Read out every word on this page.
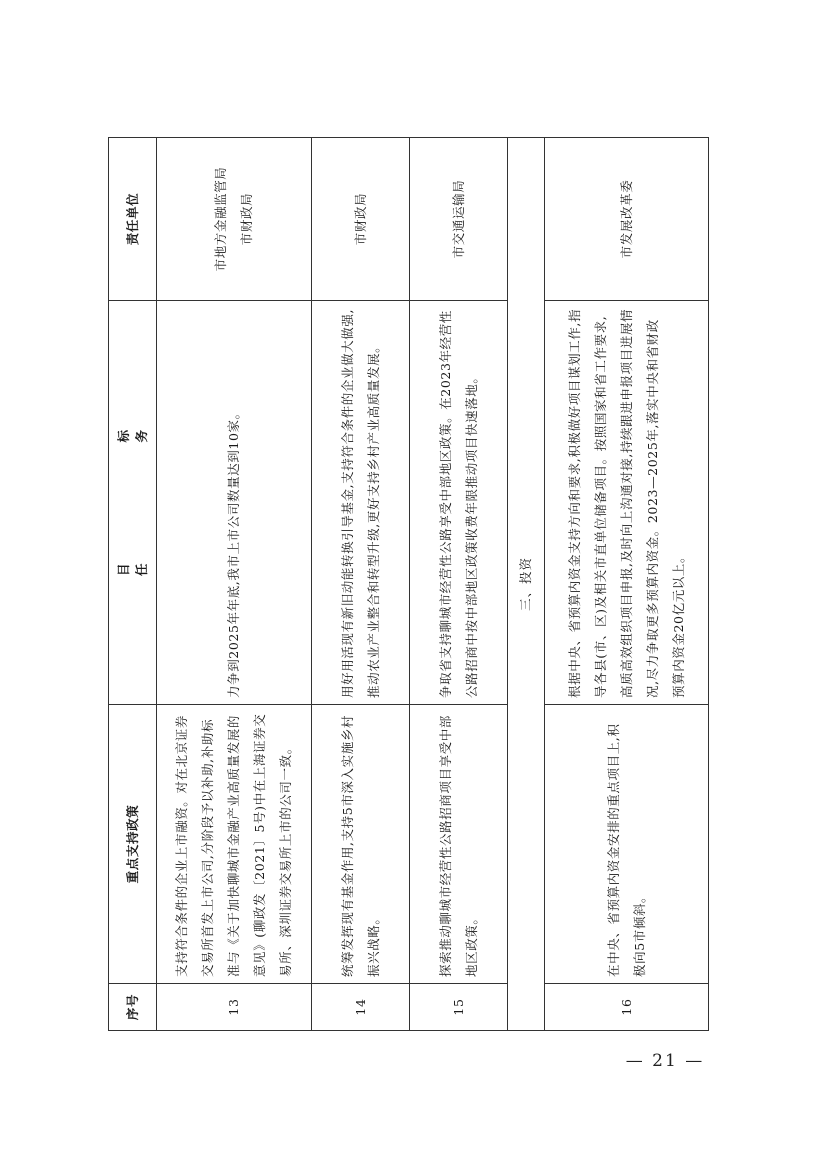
序号	重点支持政策	目标任务	责任单位
13	支持符合条件的企业上市融资。对在北京证券交易所首发上市公司,分阶段予以补助,补助标准与《关于加快聊城市金融产业高质量发展的意见》(聊政发〔2021〕5号)中在上海证券交易所、深圳证券交易所上市的公司一致。	力争到2025年年底,我市上市公司数量达到10家。	市地方金融监管局 市财政局

14	统筹发挥现有基金作用,支持5市深入实施乡村振兴战略。	用好用活现有新旧动能转换引导基金,支持符合条件的企业做大做强,推动农业产业整合和转型升级,更好支持乡村产业高质量发展。	市财政局

15	探索推动聊城市经营性公路招商项目享受中部地区政策。	争取省支持聊城市经营性公路享受中部地区政策。在2023年经营性公路招商中按中部地区政策收费年限推动项目快速落地。	市交通运输局

三、投资			
16	在中央、省预算内资金安排的重点项目上,积极向5市倾斜。	根据中央、省预算内资金支持方向和要求,积极做好项目谋划工作,指导各县(市、区)及相关市直单位储备项目。按照国家和省工作要求,高质高效组织项目申报,及时向上沟通对接,持续跟进申报项目进展情况,尽力争取更多预算内资金。2023—2025年,落实中央和省财政预算内资金20亿元以上。	市发展改革委
— 21 —
